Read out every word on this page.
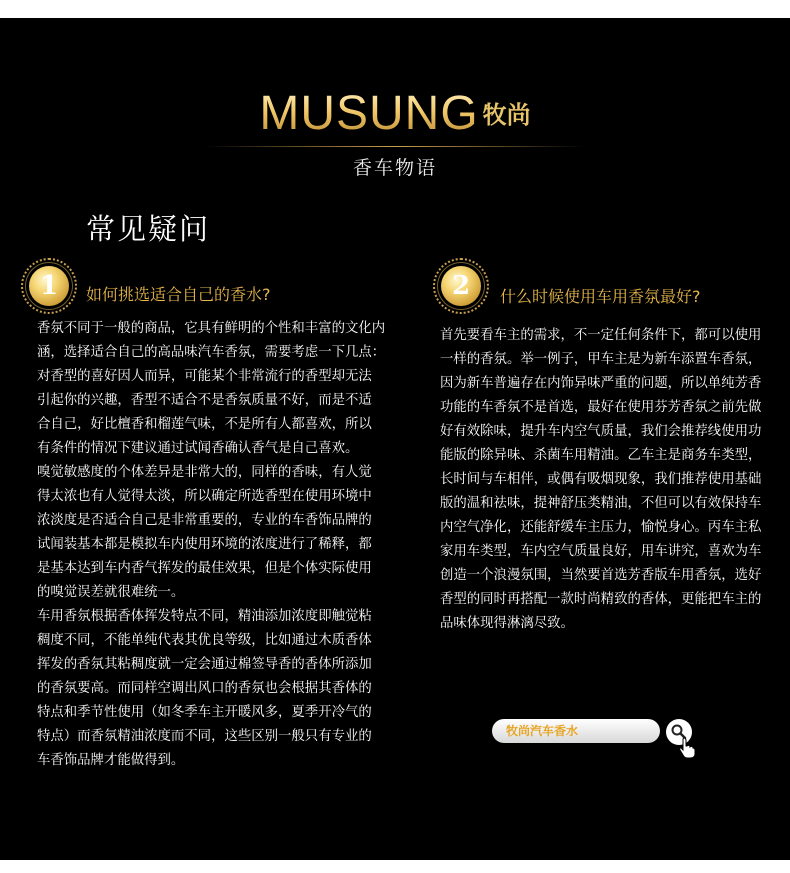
MUSUNG 牧尚
香车物语
常见疑问
1	如何挑选适合自己的香水?

香氛不同于一般的商品，它具有鲜明的个性和丰富的文化内

涵，选择适合自己的高品味汽车香氛，需要考虑一下几点：

对香型的喜好因人而异，可能某个非常流行的香型却无法

引起你的兴趣，香型不适合不是香氛质量不好，而是不适

合自己，好比檀香和榴莲气味，不是所有人都喜欢，所以

有条件的情况下建议通过试闻香确认香气是自己喜欢。

嗅觉敏感度的个体差异是非常大的，同样的香味，有人觉

得太浓也有人觉得太淡，所以确定所选香型在使用环境中

浓淡度是否适合自己是非常重要的，专业的车香饰品牌的

试闻装基本都是模拟车内使用环境的浓度进行了稀释，都

是基本达到车内香气挥发的最佳效果，但是个体实际使用

的嗅觉误差就很难统一。

车用香氛根据香体挥发特点不同，精油添加浓度即触觉粘

稠度不同，不能单纯代表其优良等级，比如通过木质香体

挥发的香氛其粘稠度就一定会通过棉签导香的香体所添加

的香氛要高。而同样空调出风口的香氛也会根据其香体的

特点和季节性使用（如冬季车主开暖风多，夏季开冷气的

特点）而香氛精油浓度而不同，这些区别一般只有专业的

车香饰品牌才能做得到。

2	什么时候使用车用香氛最好?

首先要看车主的需求，不一定任何条件下，都可以使用

一样的香氛。举一例子，甲车主是为新车添置车香氛，

因为新车普遍存在内饰异味严重的问题，所以单纯芳香

功能的车香氛不是首选，最好在使用芬芳香氛之前先做

好有效除味，提升车内空气质量，我们会推荐线使用功

能版的除异味、杀菌车用精油。乙车主是商务车类型，

长时间与车相伴，或偶有吸烟现象，我们推荐使用基础

版的温和祛味，提神舒压类精油，不但可以有效保持车

内空气净化，还能舒缓车主压力，愉悦身心。丙车主私

家用车类型，车内空气质量良好，用车讲究，喜欢为车

创造一个浪漫氛围，当然要首选芳香版车用香氛，选好

香型的同时再搭配一款时尚精致的香体，更能把车主的

品味体现得淋漓尽致。

牧尚汽车香水
